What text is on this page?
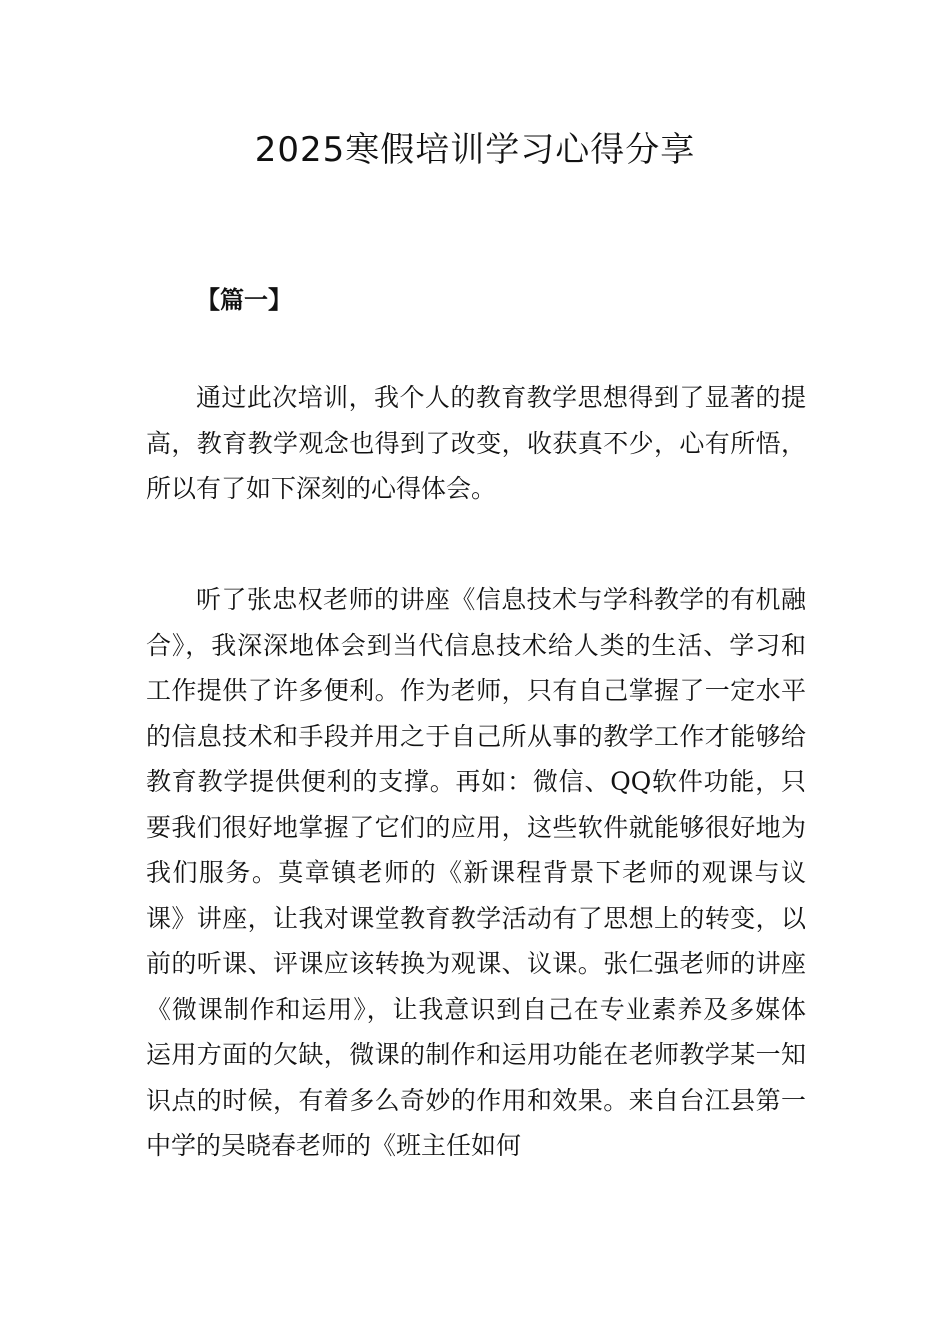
2025寒假培训学习心得分享
【篇一】

通过此次培训，我个人的教育教学思想得到了显著的提高，教育教学观念也得到了改变，收获真不少，心有所悟，所以有了如下深刻的心得体会。

听了张忠权老师的讲座《信息技术与学科教学的有机融合》，我深深地体会到当代信息技术给人类的生活、学习和工作提供了许多便利。作为老师，只有自己掌握了一定水平的信息技术和手段并用之于自己所从事的教学工作才能够给教育教学提供便利的支撑。再如：微信、QQ软件功能，只要我们很好地掌握了它们的应用，这些软件就能够很好地为我们服务。莫章镇老师的《新课程背景下老师的观课与议课》讲座，让我对课堂教育教学活动有了思想上的转变，以前的听课、评课应该转换为观课、议课。张仁强老师的讲座《微课制作和运用》，让我意识到自己在专业素养及多媒体运用方面的欠缺，微课的制作和运用功能在老师教学某一知识点的时候，有着多么奇妙的作用和效果。来自台江县第一中学的吴晓春老师的《班主任如何
